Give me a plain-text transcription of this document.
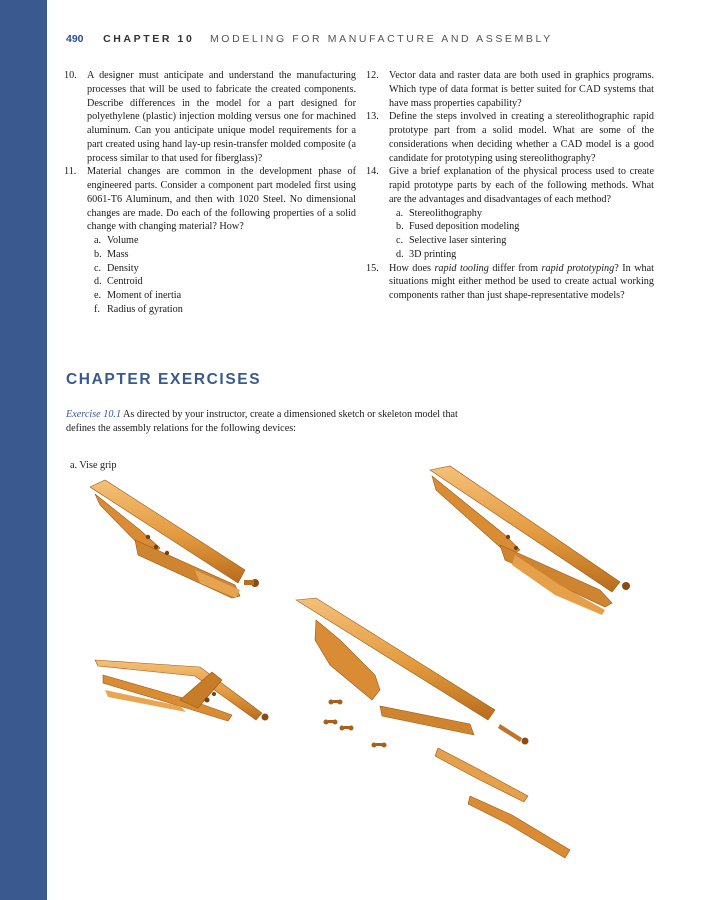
490 CHAPTER 10 MODELING FOR MANUFACTURE AND ASSEMBLY

10. A designer must anticipate and understand the manufacturing processes that will be used to fabricate the created components. Describe differences in the model for a part designed for polyethylene (plastic) injection molding versus one for machined aluminum. Can you anticipate unique model requirements for a part created using hand lay-up resin-transfer molded composite (a process similar to that used for fiberglass)?

11. Material changes are common in the development phase of engineered parts. Consider a component part modeled first using 6061-T6 Aluminum, and then with 1020 Steel. No dimensional changes are made. Do each of the following properties of a solid change with changing material? How?

a. Volume
b. Mass
c. Density
d. Centroid
e. Moment of inertia
f. Radius of gyration

12. Vector data and raster data are both used in graphics programs. Which type of data format is better suited for CAD systems that have mass properties capability?

13. Define the steps involved in creating a stereolithographic rapid prototype part from a solid model. What are some of the considerations when deciding whether a CAD model is a good candidate for prototyping using stereolithography?

14. Give a brief explanation of the physical process used to create rapid prototype parts by each of the following methods. What are the advantages and disadvantages of each method?

a. Stereolithography
b. Fused deposition modeling
c. Selective laser sintering
d. 3D printing

15. How does rapid tooling differ from rapid prototyping? In what situations might either method be used to create actual working components rather than just shape-representative models?

CHAPTER EXERCISES
Exercise 10.1 As directed by your instructor, create a dimensioned sketch or skeleton model that defines the assembly relations for the following devices:
a. Vise grip
